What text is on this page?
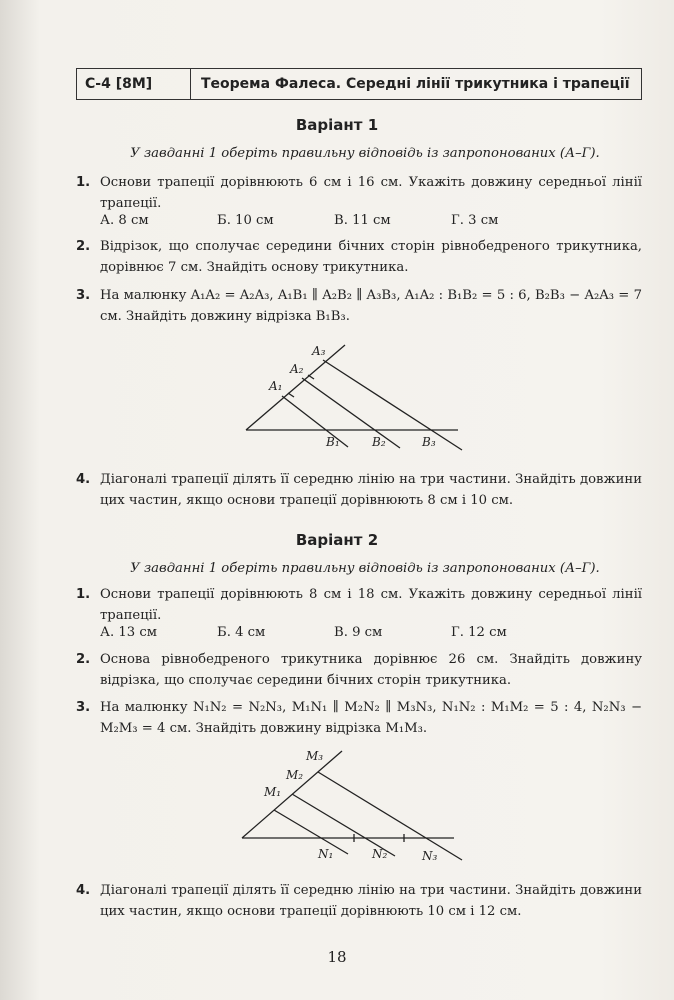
С-4 [8М]	Теорема Фалеса. Середні лінії трикутника і трапеції
Варіант 1
У завданні 1 оберіть правильну відповідь із запропонованих (А–Г).
1. Основи трапеції дорівнюють 6 см і 16 см. Укажіть довжину середньої лінії трапеції.
А. 8 см	Б. 10 см	В. 11 см	Г. 3 см
2. Відрізок, що сполучає середини бічних сторін рівнобедреного трикутника, дорівнює 7 см. Знайдіть основу трикутника.
3. На малюнку A₁A₂ = A₂A₃, A₁B₁ ∥ A₂B₂ ∥ A₃B₃, A₁A₂ : B₁B₂ = 5 : 6, B₂B₃ − A₂A₃ = 7 см. Знайдіть довжину відрізка B₁B₃.
A₃
A₂
A₁
B₁	B₂	B₃
4. Діагоналі трапеції ділять її середню лінію на три частини. Знайдіть довжини цих частин, якщо основи трапеції дорівнюють 8 см і 10 см.
Варіант 2
У завданні 1 оберіть правильну відповідь із запропонованих (А–Г).
1. Основи трапеції дорівнюють 8 см і 18 см. Укажіть довжину середньої лінії трапеції.
А. 13 см	Б. 4 см	В. 9 см	Г. 12 см
2. Основа рівнобедреного трикутника дорівнює 26 см. Знайдіть довжину відрізка, що сполучає середини бічних сторін трикутника.
3. На малюнку N₁N₂ = N₂N₃, M₁N₁ ∥ M₂N₂ ∥ M₃N₃, N₁N₂ : M₁M₂ = 5 : 4, N₂N₃ − M₂M₃ = 4 см. Знайдіть довжину відрізка M₁M₃.
M₃
M₂
M₁
N₁	N₂	N₃
4. Діагоналі трапеції ділять її середню лінію на три частини. Знайдіть довжини цих частин, якщо основи трапеції дорівнюють 10 см і 12 см.
18
